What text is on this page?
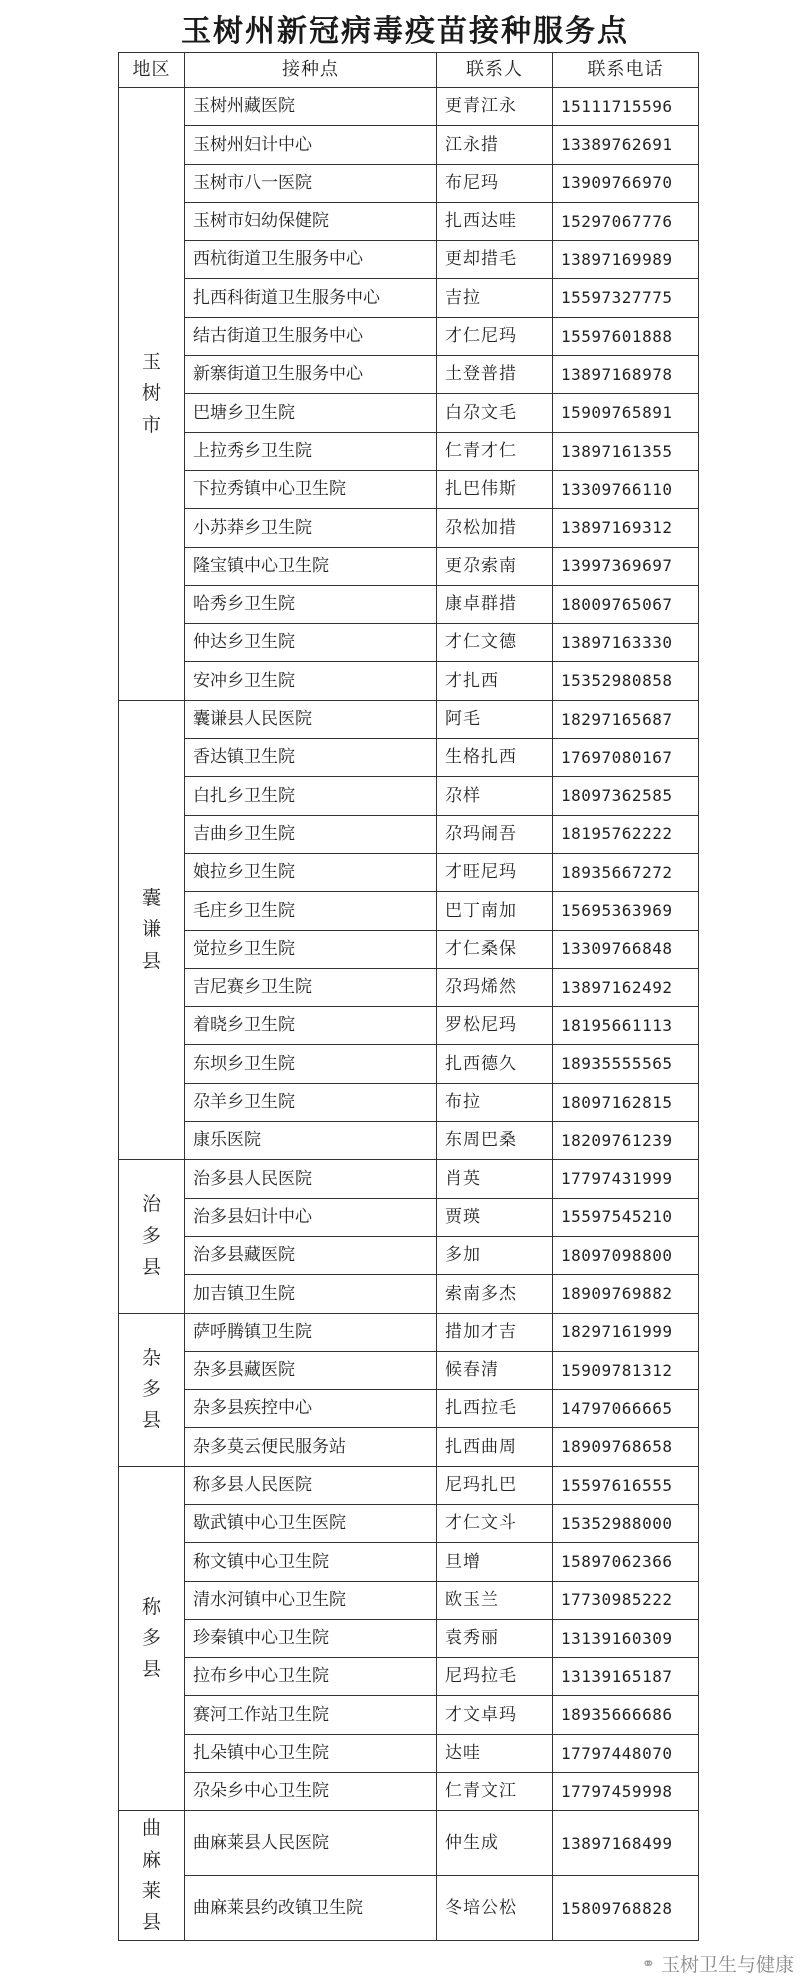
玉树州新冠病毒疫苗接种服务点
地区	接种点	联系人	联系电话
玉树市	玉树州藏医院	更青江永	15111715596
	玉树州妇计中心	江永措	13389762691
	玉树市八一医院	布尼玛	13909766970
	玉树市妇幼保健院	扎西达哇	15297067776
	西杭街道卫生服务中心	更却措毛	13897169989
	扎西科街道卫生服务中心	吉拉	15597327775
	结古街道卫生服务中心	才仁尼玛	15597601888
	新寨街道卫生服务中心	土登普措	13897168978
	巴塘乡卫生院	白尕文毛	15909765891
	上拉秀乡卫生院	仁青才仁	13897161355
	下拉秀镇中心卫生院	扎巴伟斯	13309766110
	小苏莽乡卫生院	尕松加措	13897169312
	隆宝镇中心卫生院	更尕索南	13997369697
	哈秀乡卫生院	康卓群措	18009765067
	仲达乡卫生院	才仁文德	13897163330
	安冲乡卫生院	才扎西	15352980858
囊谦县	囊谦县人民医院	阿毛	18297165687
	香达镇卫生院	生格扎西	17697080167
	白扎乡卫生院	尕样	18097362585
	吉曲乡卫生院	尕玛闹吾	18195762222
	娘拉乡卫生院	才旺尼玛	18935667272
	毛庄乡卫生院	巴丁南加	15695363969
	觉拉乡卫生院	才仁桑保	13309766848
	吉尼赛乡卫生院	尕玛烯然	13897162492
	着晓乡卫生院	罗松尼玛	18195661113
	东坝乡卫生院	扎西德久	18935555565
	尕羊乡卫生院	布拉	18097162815
	康乐医院	东周巴桑	18209761239
治多县	治多县人民医院	肖英	17797431999
	治多县妇计中心	贾瑛	15597545210
	治多县藏医院	多加	18097098800
	加吉镇卫生院	索南多杰	18909769882
杂多县	萨呼腾镇卫生院	措加才吉	18297161999
	杂多县藏医院	候春清	15909781312
	杂多县疾控中心	扎西拉毛	14797066665
	杂多莫云便民服务站	扎西曲周	18909768658
称多县	称多县人民医院	尼玛扎巴	15597616555
	歇武镇中心卫生医院	才仁文斗	15352988000
	称文镇中心卫生院	旦增	15897062366
	清水河镇中心卫生院	欧玉兰	17730985222
	珍秦镇中心卫生院	袁秀丽	13139160309
	拉布乡中心卫生院	尼玛拉毛	13139165187
	赛河工作站卫生院	才文卓玛	18935666686
	扎朵镇中心卫生院	达哇	17797448070
	尕朵乡中心卫生院	仁青文江	17797459998
曲麻莱县	曲麻莱县人民医院	仲生成	13897168499
	曲麻莱县约改镇卫生院	冬培公松	15809768828
⚭ 玉树卫生与健康
